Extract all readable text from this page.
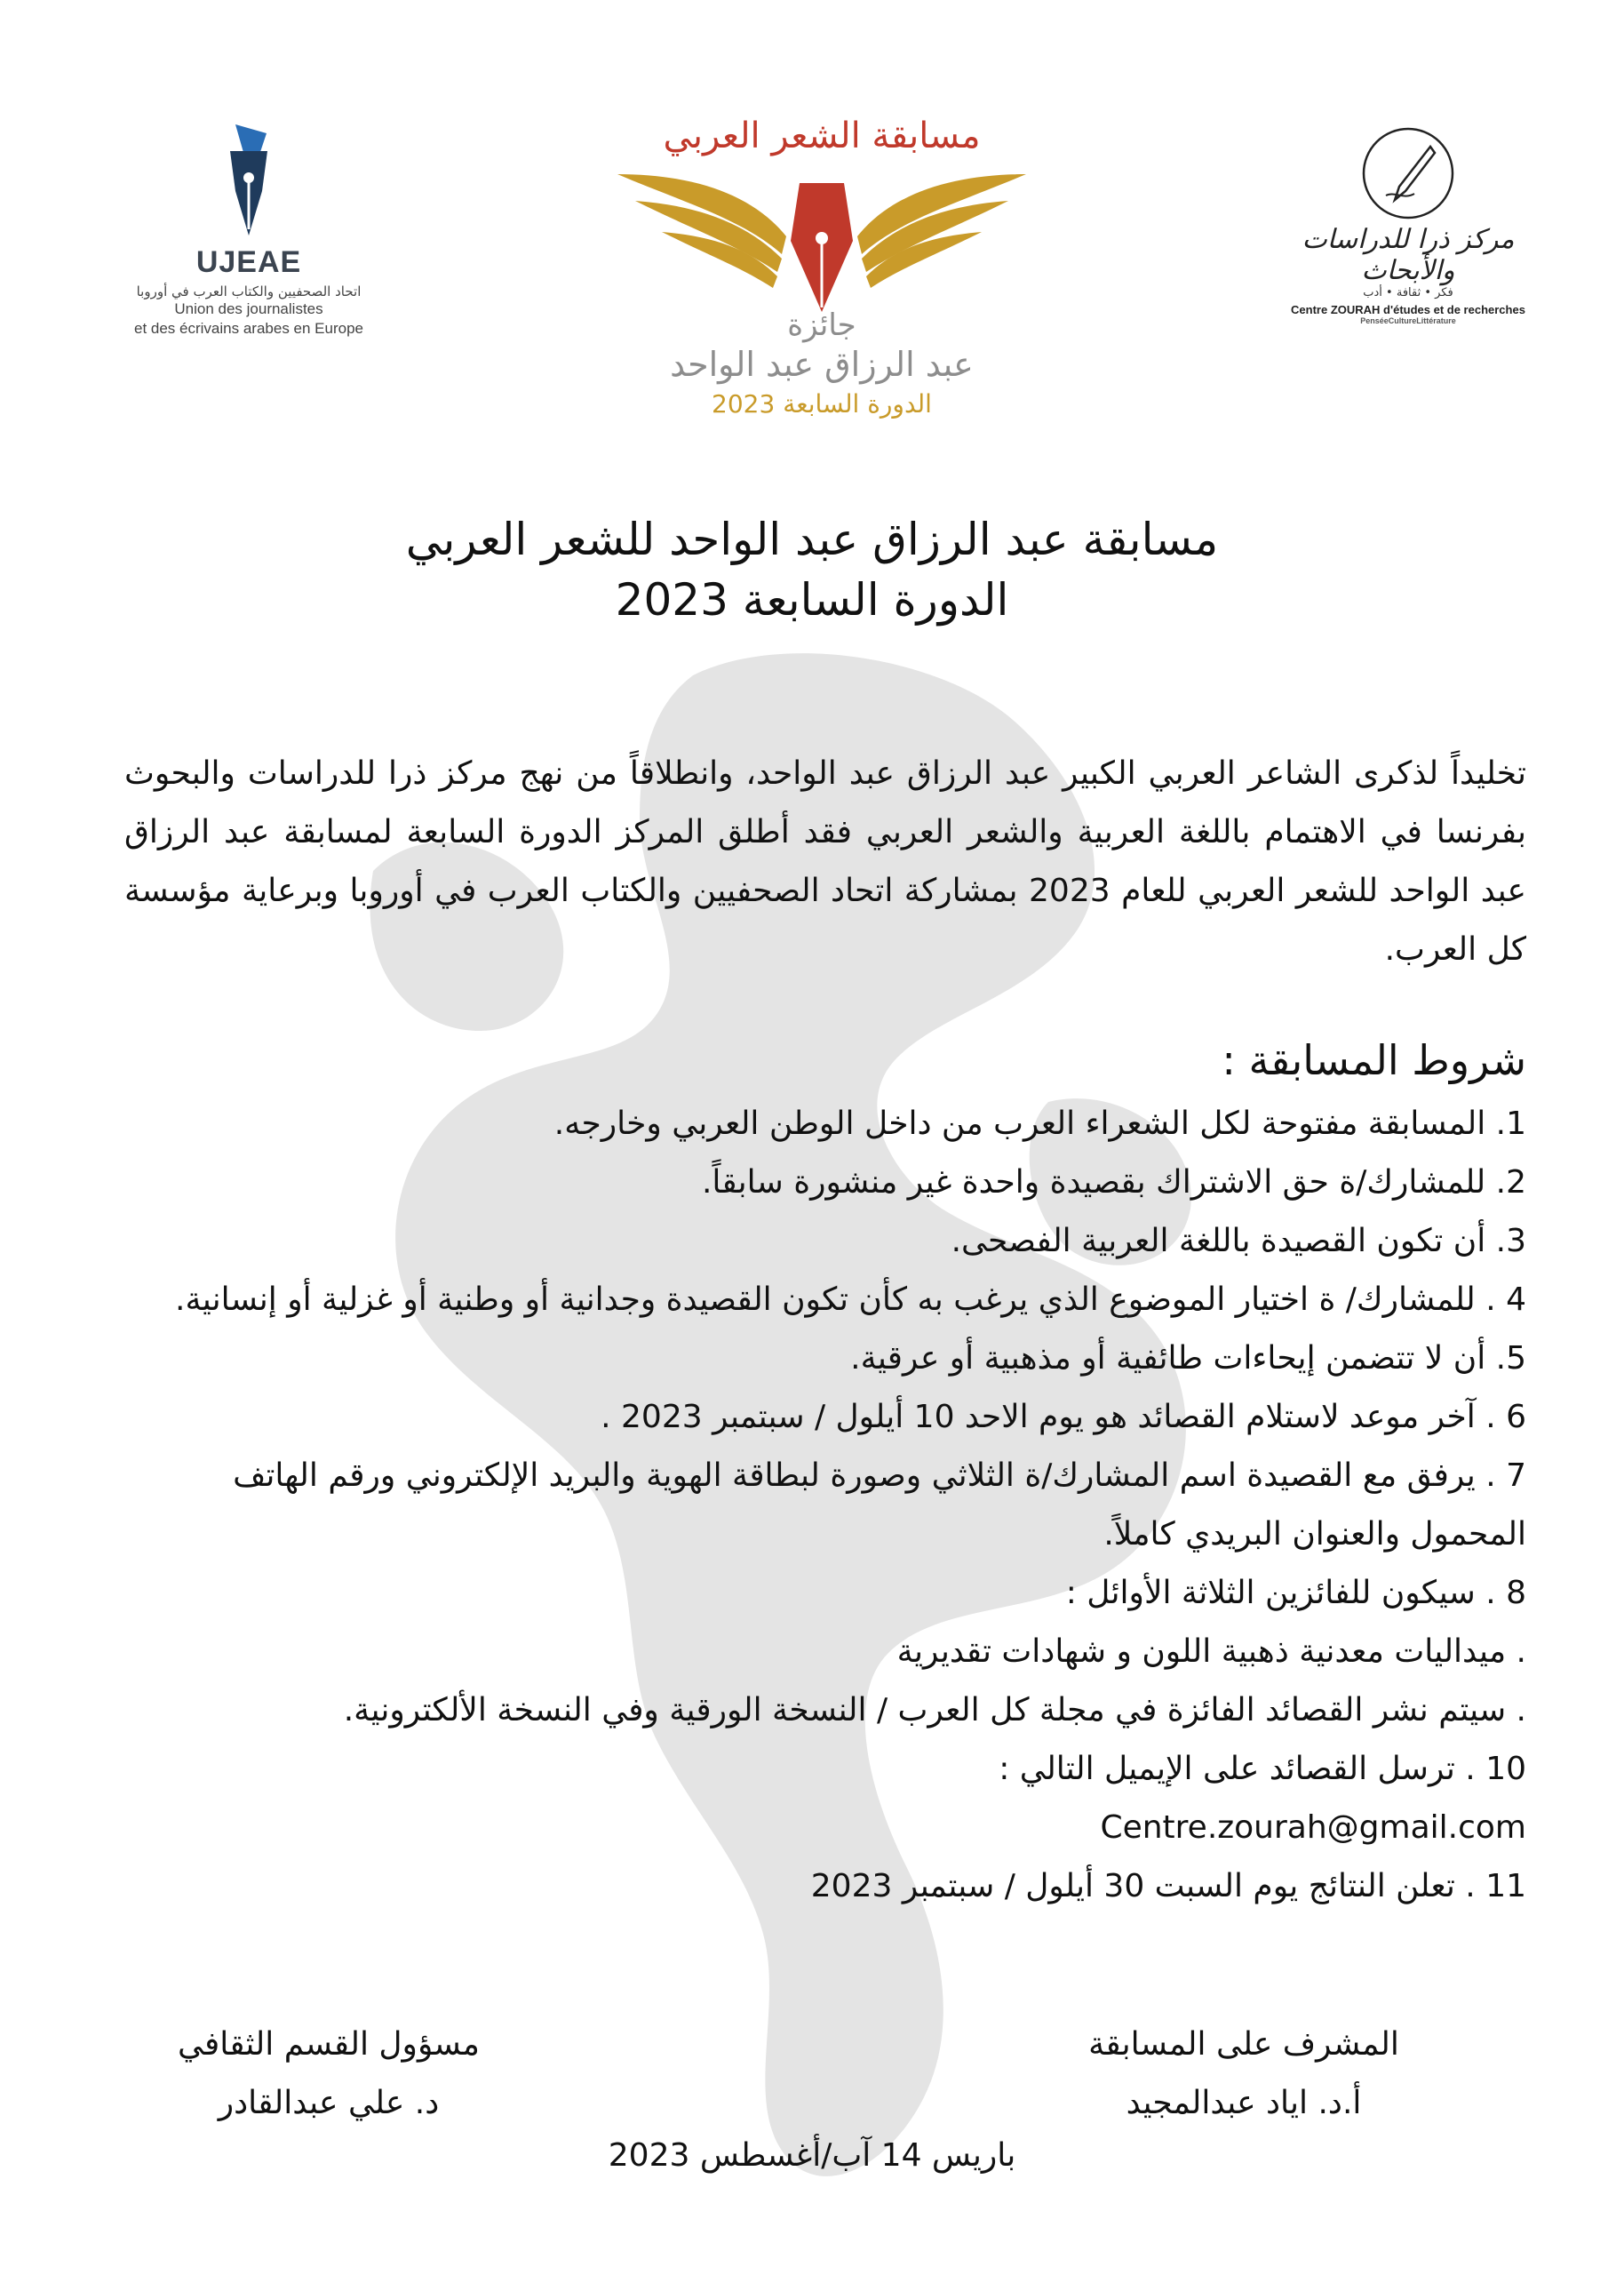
UJEAE
اتحاد الصحفيين والكتاب العرب في أوروبا
Union des journalistes
et des écrivains arabes en Europe
مسابقة الشعر العربي
جائزة
عبد الرزاق عبد الواحد
الدورة السابعة 2023
مركز ذرا للدراسات والأبحاث
فكر • ثقافة • أدب
Centre ZOURAH d'études et de recherches
PenséeCultureLittérature
مسابقة عبد الرزاق عبد الواحد للشعر العربي
الدورة السابعة 2023

تخليداً لذكرى الشاعر العربي الكبير عبد الرزاق عبد الواحد، وانطلاقاً من نهج مركز ذرا للدراسات والبحوث بفرنسا في الاهتمام باللغة العربية والشعر العربي فقد أطلق المركز الدورة السابعة لمسابقة عبد الرزاق عبد الواحد للشعر العربي للعام 2023 بمشاركة اتحاد الصحفيين والكتاب العرب في أوروبا وبرعاية مؤسسة كل العرب.

شروط المسابقة :
1. المسابقة مفتوحة لكل الشعراء العرب من داخل الوطن العربي وخارجه.
2. للمشارك/ة حق الاشتراك بقصيدة واحدة غير منشورة سابقاً.
3. أن تكون القصيدة باللغة العربية الفصحى.
4 . للمشارك/ ة اختيار الموضوع الذي يرغب به كأن تكون القصيدة وجدانية أو وطنية أو غزلية أو إنسانية.
5. أن لا تتضمن إيحاءات طائفية أو مذهبية أو عرقية.
6 . آخر موعد لاستلام القصائد هو يوم الاحد 10 أيلول / سبتمبر 2023 .
7 . يرفق مع القصيدة اسم المشارك/ة الثلاثي وصورة لبطاقة الهوية والبريد الإلكتروني ورقم الهاتف المحمول والعنوان البريدي كاملاً.
8 . سيكون للفائزين الثلاثة الأوائل :
. ميداليات معدنية ذهبية اللون و شهادات تقديرية
. سيتم نشر القصائد الفائزة في مجلة كل العرب / النسخة الورقية وفي النسخة الألكترونية.
10 . ترسل القصائد على الإيميل التالي :
Centre.zourah@gmail.com
11 . تعلن النتائج يوم السبت 30 أيلول / سبتمبر 2023
المشرف على المسابقة
أ.د. اياد عبدالمجيد
مسؤول القسم الثقافي
د. علي عبدالقادر
باريس 14 آب/أغسطس 2023
